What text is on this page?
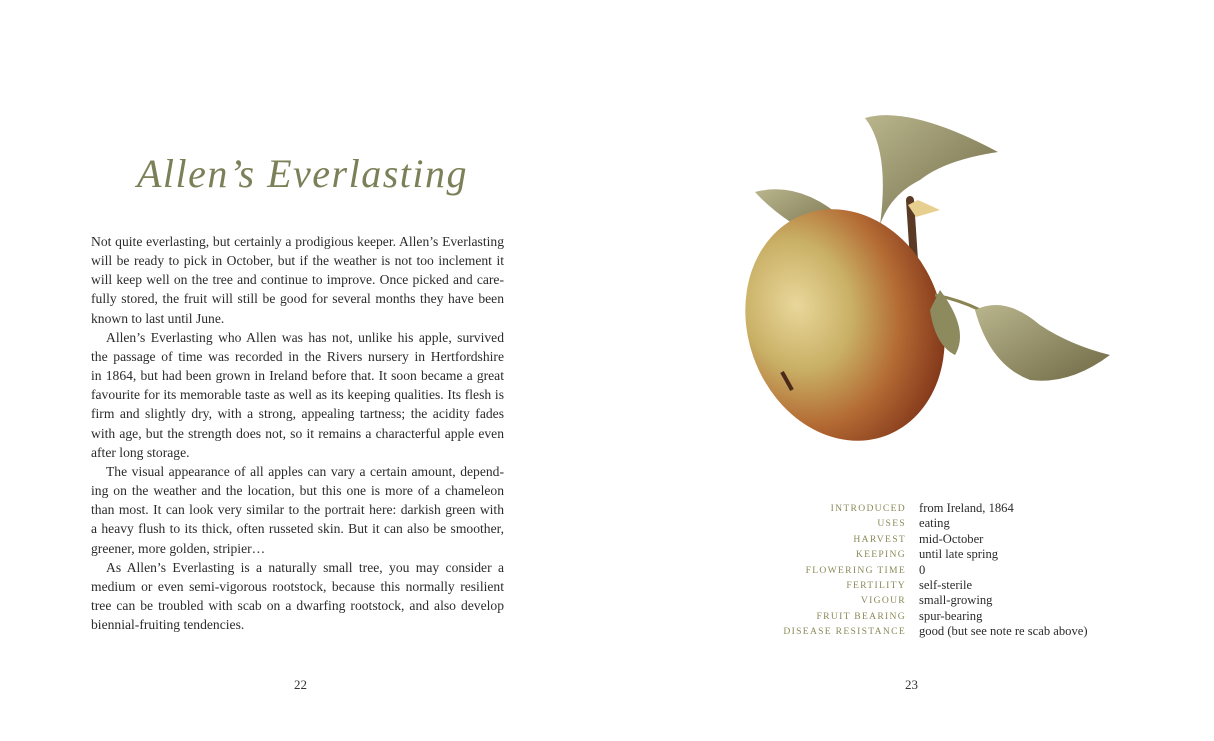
Allen’s Everlasting
Not quite everlasting, but certainly a prodigious keeper. Allen’s Everlasting
will be ready to pick in October, but if the weather is not too inclement it
will keep well on the tree and continue to improve. Once picked and care-
fully stored, the fruit will still be good for several months they have been
known to last until June.
Allen’s Everlasting who Allen was has not, unlike his apple, survived
the passage of time was recorded in the Rivers nursery in Hertfordshire
in 1864, but had been grown in Ireland before that. It soon became a great
favourite for its memorable taste as well as its keeping qualities. Its flesh is
firm and slightly dry, with a strong, appealing tartness; the acidity fades
with age, but the strength does not, so it remains a characterful apple even
after long storage.
The visual appearance of all apples can vary a certain amount, depend-
ing on the weather and the location, but this one is more of a chameleon
than most. It can look very similar to the portrait here: darkish green with
a heavy flush to its thick, often russeted skin. But it can also be smoother,
greener, more golden, stripier…
As Allen’s Everlasting is a naturally small tree, you may consider a
medium or even semi-vigorous rootstock, because this normally resilient
tree can be troubled with scab on a dwarfing rootstock, and also develop
biennial-fruiting tendencies.
22	23
INTRODUCED from Ireland, 1864
USES eating
HARVEST mid-October
KEEPING until late spring
FLOWERING TIME 0
FERTILITY self-sterile
VIGOUR small-growing
FRUIT BEARING spur-bearing
DISEASE RESISTANCE good (but see note re scab above)
